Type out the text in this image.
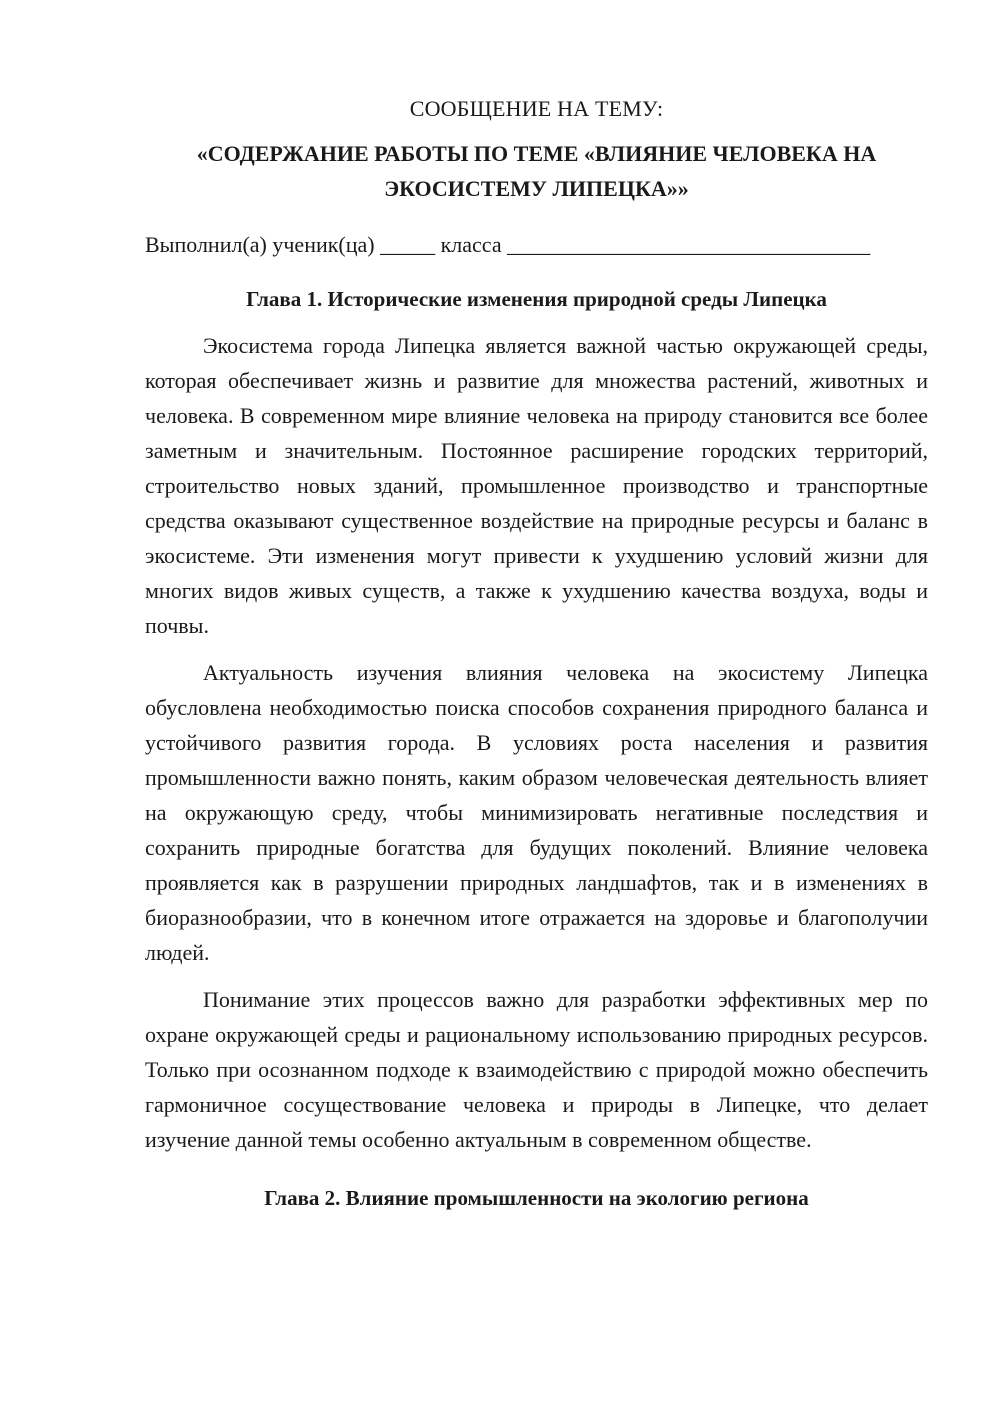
СООБЩЕНИЕ НА ТЕМУ:

«СОДЕРЖАНИЕ РАБОТЫ ПО ТЕМЕ «ВЛИЯНИЕ ЧЕЛОВЕКА НА ЭКОСИСТЕМУ ЛИПЕЦКА»»

Выполнил(а) ученик(ца) _____ класса _________________________________

Глава 1. Исторические изменения природной среды Липецка

Экосистема города Липецка является важной частью окружающей среды, которая обеспечивает жизнь и развитие для множества растений, животных и человека. В современном мире влияние человека на природу становится все более заметным и значительным. Постоянное расширение городских территорий, строительство новых зданий, промышленное производство и транспортные средства оказывают существенное воздействие на природные ресурсы и баланс в экосистеме. Эти изменения могут привести к ухудшению условий жизни для многих видов живых существ, а также к ухудшению качества воздуха, воды и почвы.

Актуальность изучения влияния человека на экосистему Липецка обусловлена необходимостью поиска способов сохранения природного баланса и устойчивого развития города. В условиях роста населения и развития промышленности важно понять, каким образом человеческая деятельность влияет на окружающую среду, чтобы минимизировать негативные последствия и сохранить природные богатства для будущих поколений. Влияние человека проявляется как в разрушении природных ландшафтов, так и в изменениях в биоразнообразии, что в конечном итоге отражается на здоровье и благополучии людей.

Понимание этих процессов важно для разработки эффективных мер по охране окружающей среды и рациональному использованию природных ресурсов. Только при осознанном подходе к взаимодействию с природой можно обеспечить гармоничное сосуществование человека и природы в Липецке, что делает изучение данной темы особенно актуальным в современном обществе.

Глава 2. Влияние промышленности на экологию региона
